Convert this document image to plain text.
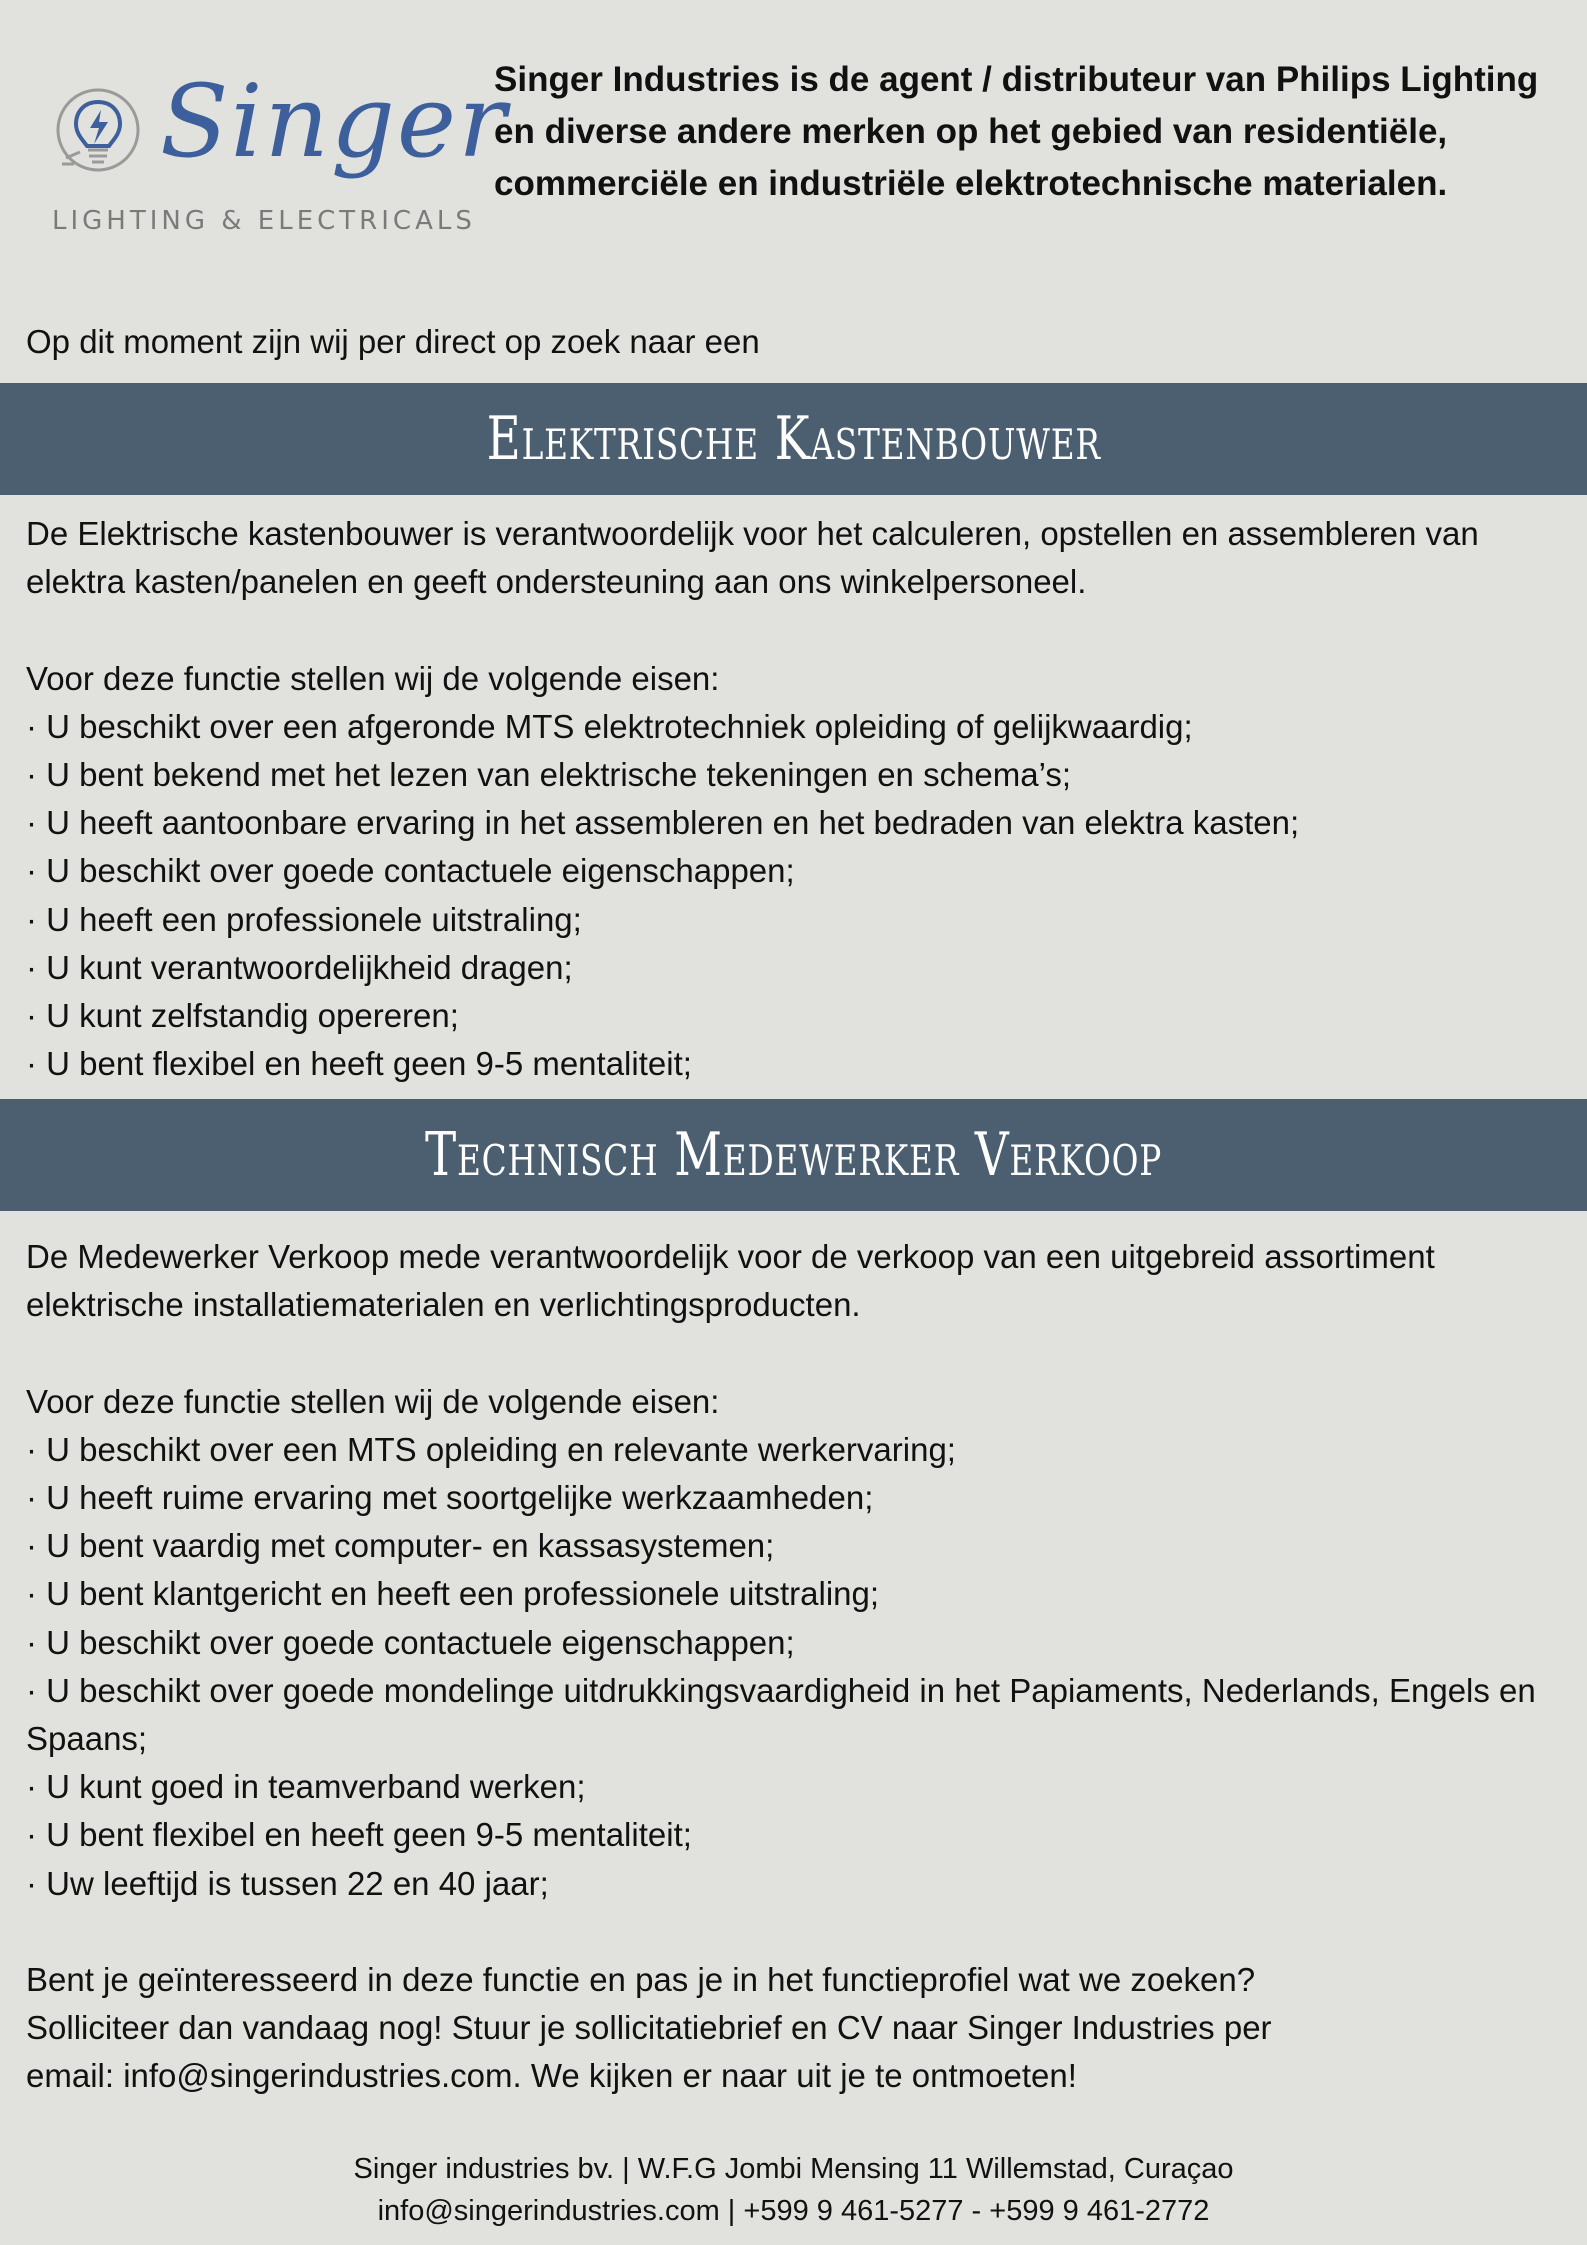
Singer
LIGHTING & ELECTRICALS

Singer Industries is de agent / distributeur van Philips Lighting en diverse andere merken op het gebied van residentiële, commerciële en industriële elektrotechnische materialen.

Op dit moment zijn wij per direct op zoek naar een

Elektrische Kastenbouwer

De Elektrische kastenbouwer is verantwoordelijk voor het calculeren, opstellen en assembleren van elektra kasten/panelen en geeft ondersteuning aan ons winkelpersoneel.

Voor deze functie stellen wij de volgende eisen:

· U beschikt over een afgeronde MTS elektrotechniek opleiding of gelijkwaardig;
· U bent bekend met het lezen van elektrische tekeningen en schema’s;
· U heeft aantoonbare ervaring in het assembleren en het bedraden van elektra kasten;
· U beschikt over goede contactuele eigenschappen;
· U heeft een professionele uitstraling;
· U kunt verantwoordelijkheid dragen;
· U kunt zelfstandig opereren;
· U bent flexibel en heeft geen 9-5 mentaliteit;
Technisch Medewerker Verkoop

De Medewerker Verkoop mede verantwoordelijk voor de verkoop van een uitgebreid assortiment elektrische installatiematerialen en verlichtingsproducten.

Voor deze functie stellen wij de volgende eisen:

· U beschikt over een MTS opleiding en relevante werkervaring;
· U heeft ruime ervaring met soortgelijke werkzaamheden;
· U bent vaardig met computer- en kassasystemen;
· U bent klantgericht en heeft een professionele uitstraling;
· U beschikt over goede contactuele eigenschappen;
· U beschikt over goede mondelinge uitdrukkingsvaardigheid in het Papiaments, Nederlands, Engels en Spaans;
· U kunt goed in teamverband werken;
· U bent flexibel en heeft geen 9-5 mentaliteit;
· Uw leeftijd is tussen 22 en 40 jaar;
Bent je geïnteresseerd in deze functie en pas je in het functieprofiel wat we zoeken?
Solliciteer dan vandaag nog! Stuur je sollicitatiebrief en CV naar Singer Industries per
email: info@singerindustries.com. We kijken er naar uit je te ontmoeten!
Singer industries bv. | W.F.G Jombi Mensing 11 Willemstad, Curaçao
info@singerindustries.com | +599 9 461-5277 - +599 9 461-2772
